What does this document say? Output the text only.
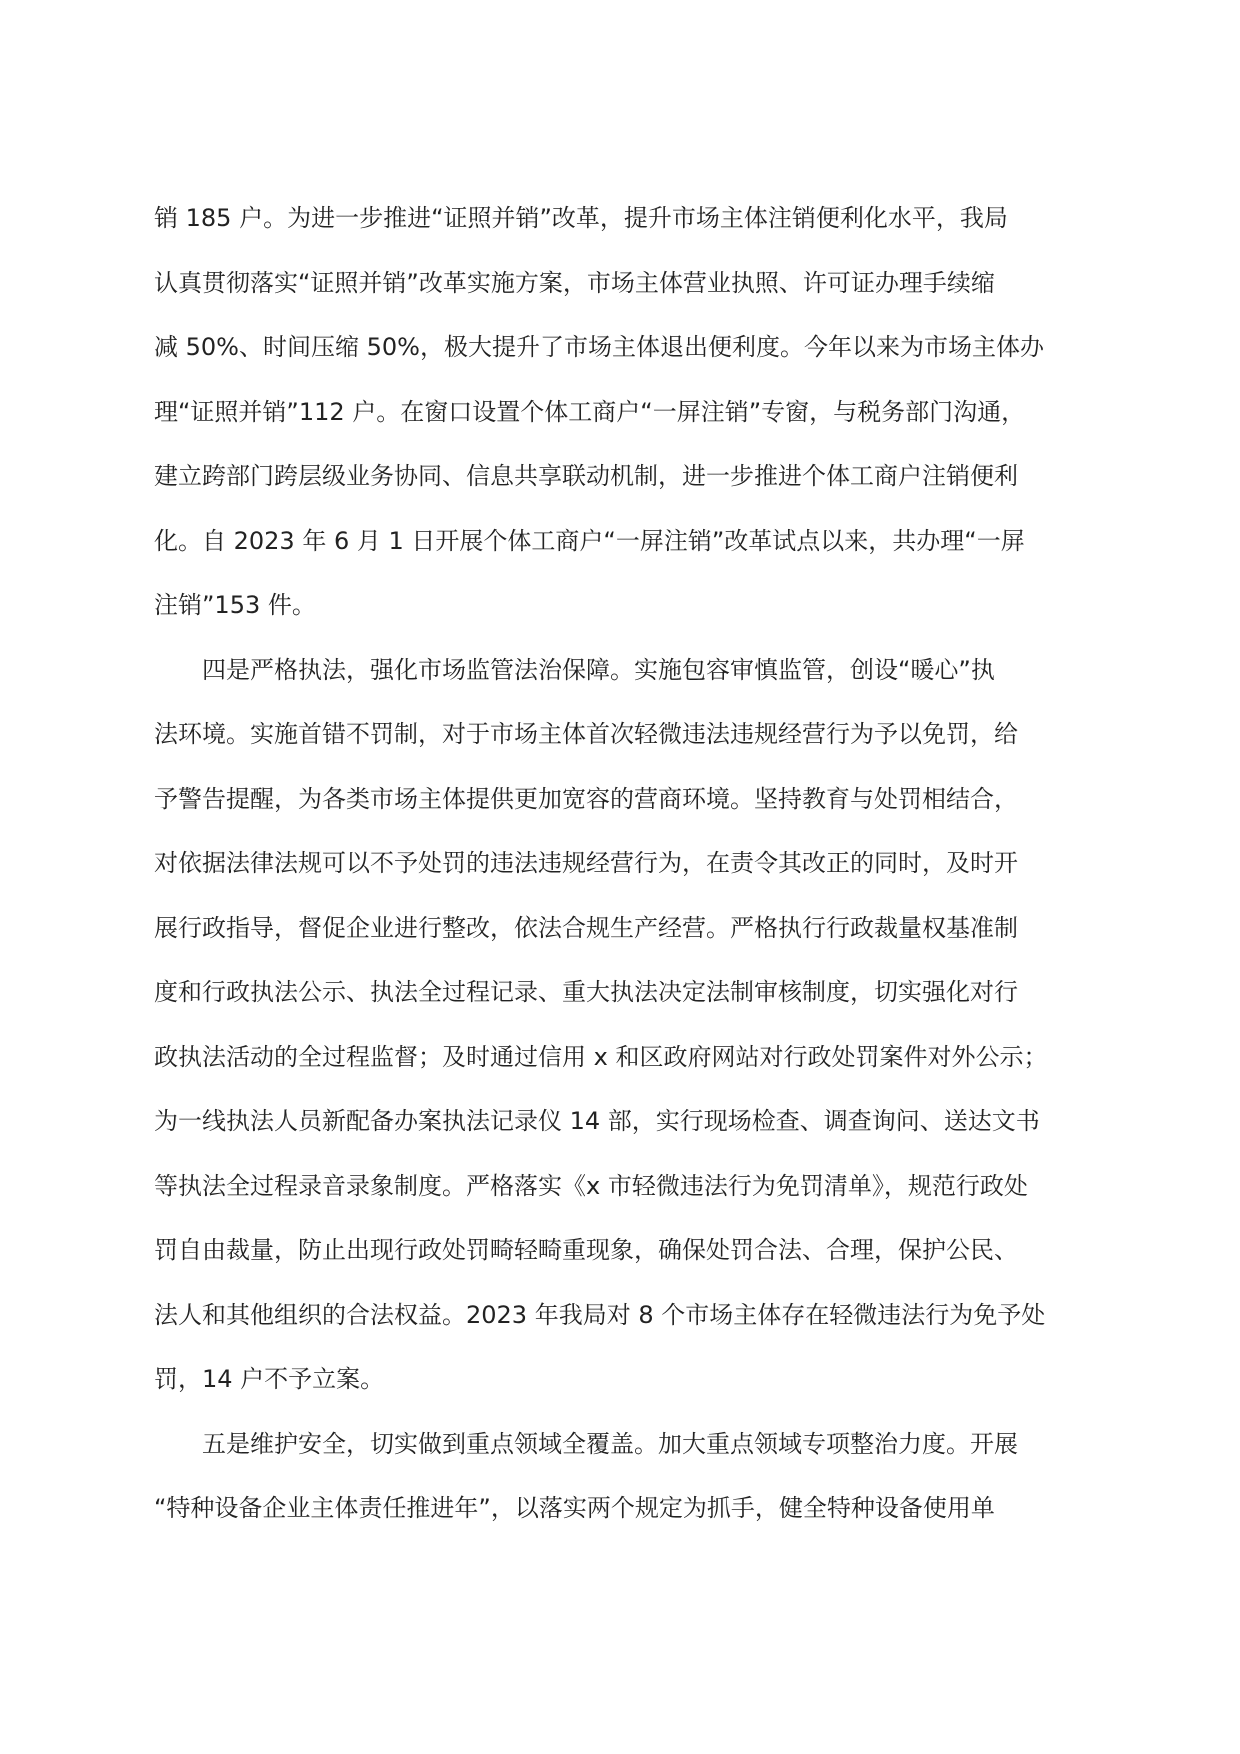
销 185 户。为进一步推进“证照并销”改革，提升市场主体注销便利化水平，我局
认真贯彻落实“证照并销”改革实施方案，市场主体营业执照、许可证办理手续缩
减 50%、时间压缩 50%，极大提升了市场主体退出便利度。今年以来为市场主体办
理“证照并销”112 户。在窗口设置个体工商户“一屏注销”专窗，与税务部门沟通，
建立跨部门跨层级业务协同、信息共享联动机制，进一步推进个体工商户注销便利
化。自 2023 年 6 月 1 日开展个体工商户“一屏注销”改革试点以来，共办理“一屏
注销”153 件。
四是严格执法，强化市场监管法治保障。实施包容审慎监管，创设“暖心”执
法环境。实施首错不罚制，对于市场主体首次轻微违法违规经营行为予以免罚，给
予警告提醒，为各类市场主体提供更加宽容的营商环境。坚持教育与处罚相结合，
对依据法律法规可以不予处罚的违法违规经营行为，在责令其改正的同时，及时开
展行政指导，督促企业进行整改，依法合规生产经营。严格执行行政裁量权基准制
度和行政执法公示、执法全过程记录、重大执法决定法制审核制度，切实强化对行
政执法活动的全过程监督；及时通过信用 x 和区政府网站对行政处罚案件对外公示；
为一线执法人员新配备办案执法记录仪 14 部，实行现场检查、调查询问、送达文书
等执法全过程录音录象制度。严格落实《x 市轻微违法行为免罚清单》，规范行政处
罚自由裁量，防止出现行政处罚畸轻畸重现象，确保处罚合法、合理，保护公民、
法人和其他组织的合法权益。2023 年我局对 8 个市场主体存在轻微违法行为免予处
罚，14 户不予立案。
五是维护安全，切实做到重点领域全覆盖。加大重点领域专项整治力度。开展
“特种设备企业主体责任推进年”，以落实两个规定为抓手，健全特种设备使用单
